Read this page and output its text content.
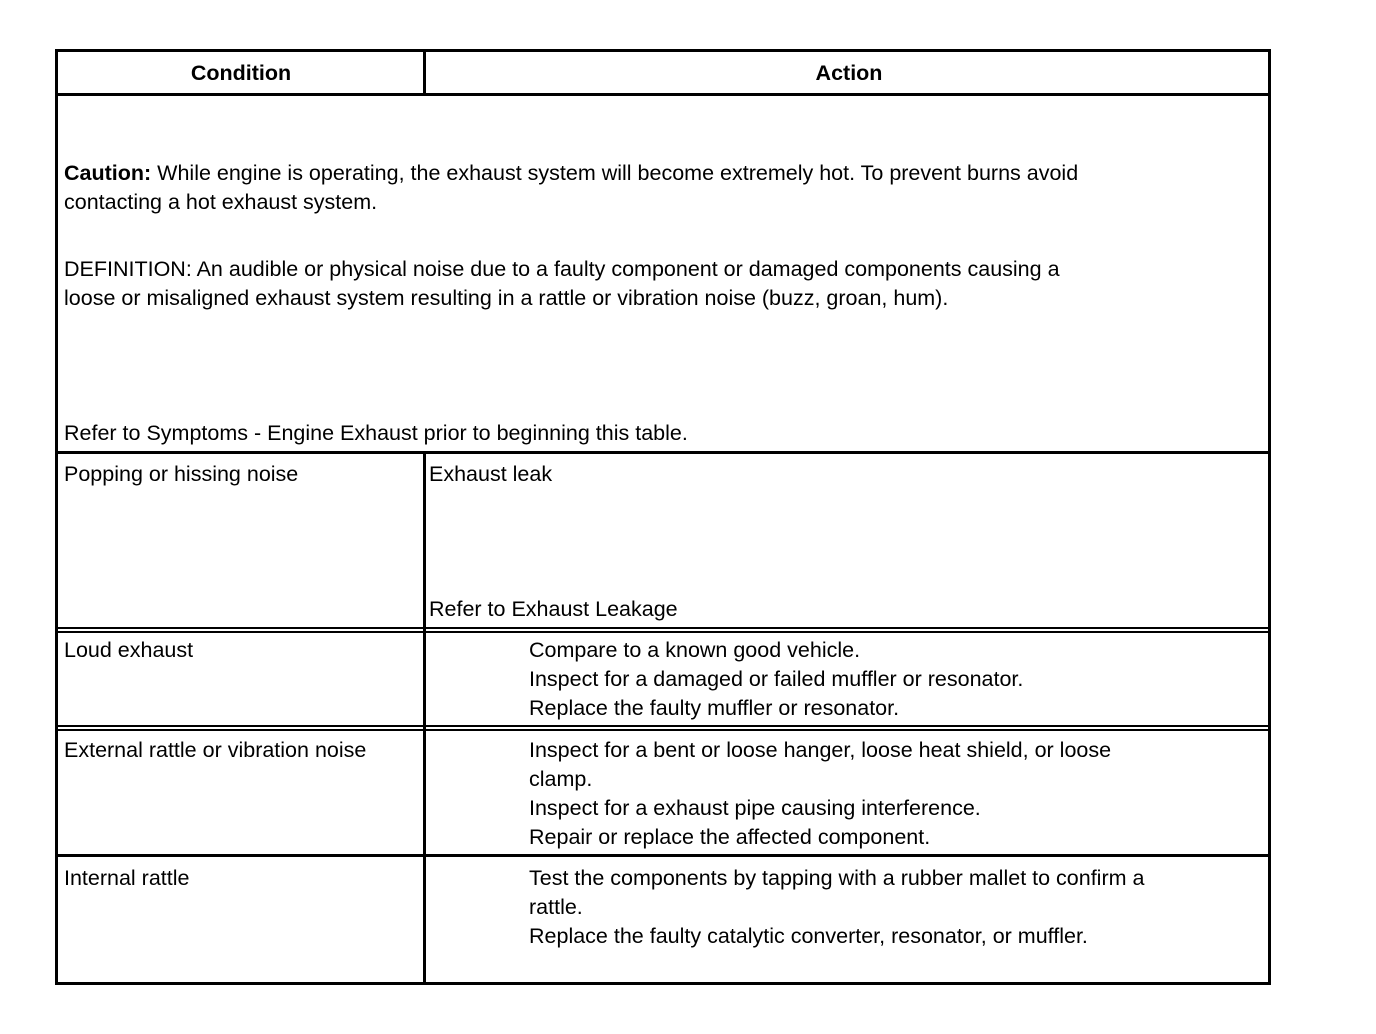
Condition	Action
Caution: While engine is operating, the exhaust system will become extremely hot. To prevent burns avoid
contacting a hot exhaust system.
DEFINITION: An audible or physical noise due to a faulty component or damaged components causing a
loose or misaligned exhaust system resulting in a rattle or vibration noise (buzz, groan, hum).
Refer to Symptoms - Engine Exhaust prior to beginning this table.
Popping or hissing noise	Exhaust leak
Refer to Exhaust Leakage
Loud exhaust	Compare to a known good vehicle.
Inspect for a damaged or failed muffler or resonator.
Replace the faulty muffler or resonator.
External rattle or vibration noise	Inspect for a bent or loose hanger, loose heat shield, or loose
clamp.
Inspect for a exhaust pipe causing interference.
Repair or replace the affected component.
Internal rattle	Test the components by tapping with a rubber mallet to confirm a
rattle.
Replace the faulty catalytic converter, resonator, or muffler.
